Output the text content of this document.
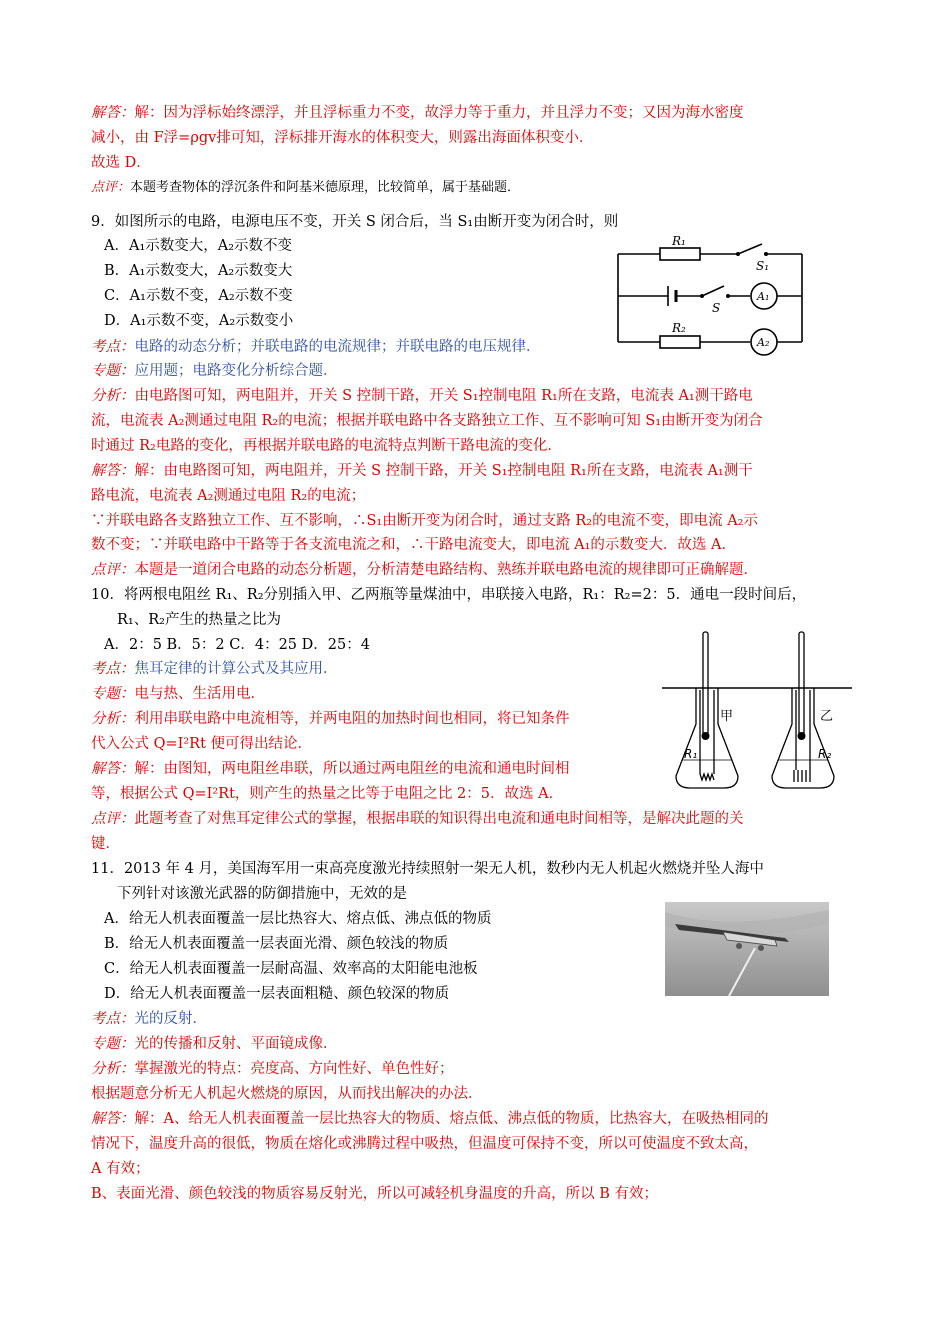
解答：解：因为浮标始终漂浮，并且浮标重力不变，故浮力等于重力，并且浮力不变；又因为海水密度
减小，由 F浮=ρgv排可知，浮标排开海水的体积变大，则露出海面体积变小．
故选 D．
点评：本题考查物体的浮沉条件和阿基米德原理，比较简单，属于基础题．
9．如图所示的电路，电源电压不变，开关 S 闭合后，当 S₁由断开变为闭合时，则
A．A₁示数变大，A₂示数不变
B．A₁示数变大，A₂示数变大
C．A₁示数不变，A₂示数不变
D．A₁示数不变，A₂示数变小
R₁
S₁
S
A₁
R₂
A₂
考点：电路的动态分析；并联电路的电流规律；并联电路的电压规律．
专题：应用题；电路变化分析综合题．
分析：由电路图可知，两电阻并，开关 S 控制干路，开关 S₁控制电阻 R₁所在支路，电流表 A₁测干路电
流，电流表 A₂测通过电阻 R₂的电流；根据并联电路中各支路独立工作、互不影响可知 S₁由断开变为闭合
时通过 R₂电路的变化，再根据并联电路的电流特点判断干路电流的变化．
解答：解：由电路图可知，两电阻并，开关 S 控制干路，开关 S₁控制电阻 R₁所在支路，电流表 A₁测干
路电流，电流表 A₂测通过电阻 R₂的电流；
∵并联电路各支路独立工作、互不影响，∴S₁由断开变为闭合时，通过支路 R₂的电流不变，即电流 A₂示
数不变；∵并联电路中干路等于各支流电流之和，∴干路电流变大，即电流 A₁的示数变大．故选 A．
点评：本题是一道闭合电路的动态分析题，分析清楚电路结构、熟练并联电路电流的规律即可正确解题．
10．将两根电阻丝 R₁、R₂分别插入甲、乙两瓶等量煤油中，串联接入电路，R₁：R₂=2：5．通电一段时间后，
R₁、R₂产生的热量之比为
A．2：5 B．5：2 C．4：25 D．25：4
甲	乙
R₁	R₂
考点：焦耳定律的计算公式及其应用．
专题：电与热、生活用电．
分析：利用串联电路中电流相等，并两电阻的加热时间也相同，将已知条件
代入公式 Q=I²Rt 便可得出结论．
解答：解：由图知，两电阻丝串联，所以通过两电阻丝的电流和通电时间相
等，根据公式 Q=I²Rt，则产生的热量之比等于电阻之比 2：5．故选 A．
点评：此题考查了对焦耳定律公式的掌握，根据串联的知识得出电流和通电时间相等，是解决此题的关
键．
11．2013 年 4 月，美国海军用一束高亮度激光持续照射一架无人机，数秒内无人机起火燃烧并坠人海中
下列针对该激光武器的防御措施中，无效的是
A．给无人机表面覆盖一层比热容大、熔点低、沸点低的物质
B．给无人机表面覆盖一层表面光滑、颜色较浅的物质
C．给无人机表面覆盖一层耐高温、效率高的太阳能电池板
D．给无人机表面覆盖一层表面粗糙、颜色较深的物质
考点：光的反射．
专题：光的传播和反射、平面镜成像．
分析：掌握激光的特点：亮度高、方向性好、单色性好；
根据题意分析无人机起火燃烧的原因，从而找出解决的办法．
解答：解：A、给无人机表面覆盖一层比热容大的物质、熔点低、沸点低的物质，比热容大，在吸热相同的
情况下，温度升高的很低，物质在熔化或沸腾过程中吸热，但温度可保持不变，所以可使温度不致太高，
A 有效；
B、表面光滑、颜色较浅的物质容易反射光，所以可减轻机身温度的升高，所以 B 有效；
